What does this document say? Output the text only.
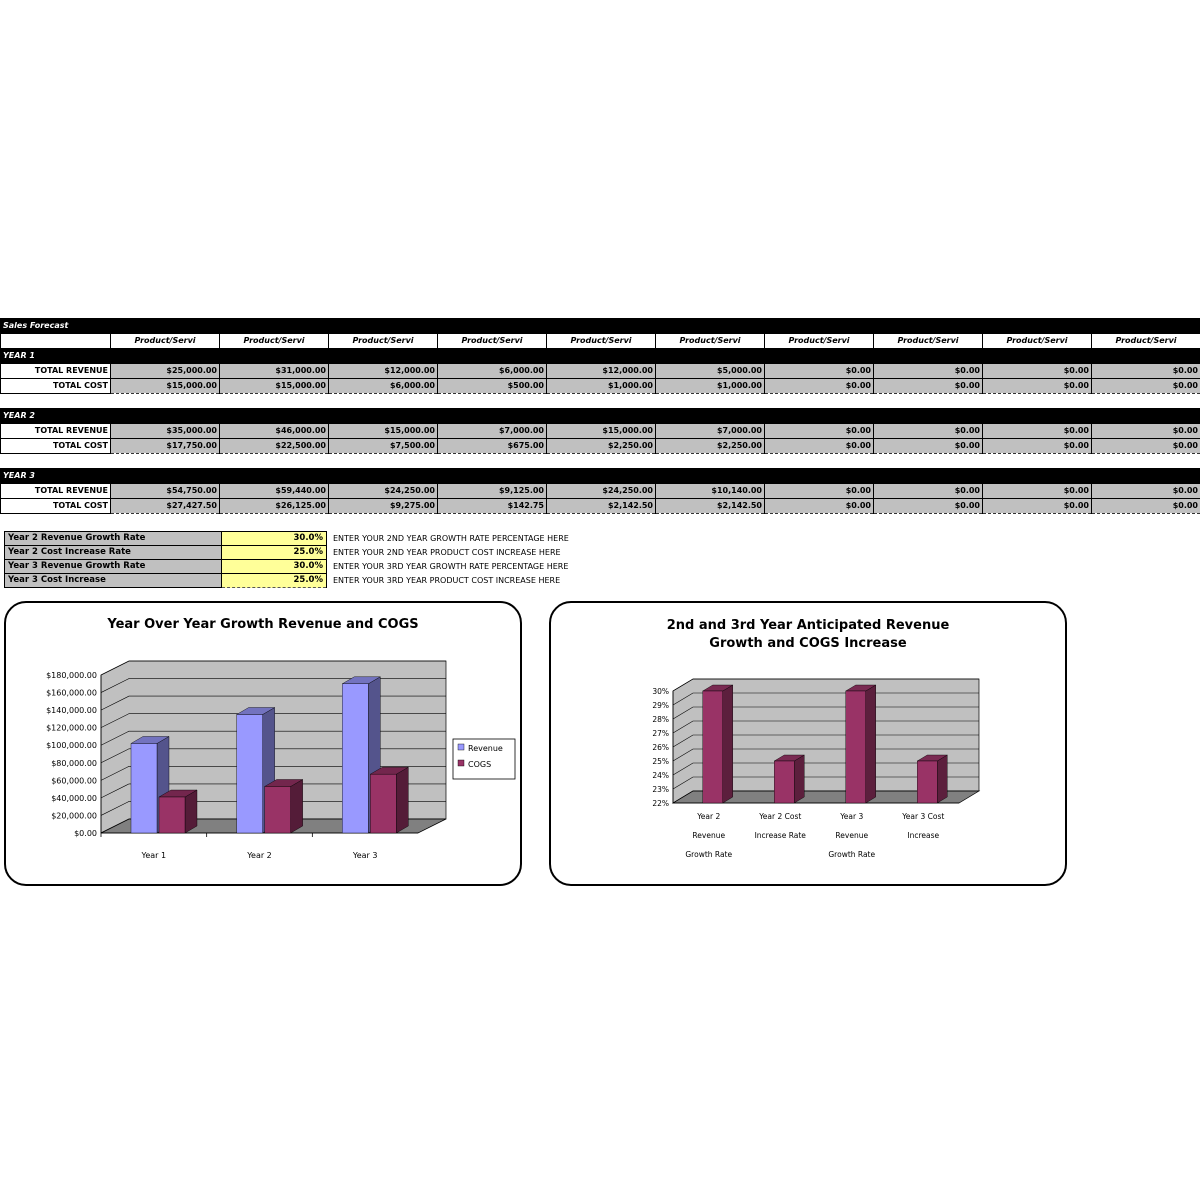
Sales Forecast										
	Product/Servi	Product/Servi	Product/Servi	Product/Servi	Product/Servi	Product/Servi	Product/Servi	Product/Servi	Product/Servi	Product/Servi
YEAR 1										
TOTAL REVENUE	$25,000.00	$31,000.00	$12,000.00	$6,000.00	$12,000.00	$5,000.00	$0.00	$0.00	$0.00	$0.00
TOTAL COST	$15,000.00	$15,000.00	$6,000.00	$500.00	$1,000.00	$1,000.00	$0.00	$0.00	$0.00	$0.00

YEAR 2										
TOTAL REVENUE	$35,000.00	$46,000.00	$15,000.00	$7,000.00	$15,000.00	$7,000.00	$0.00	$0.00	$0.00	$0.00
TOTAL COST	$17,750.00	$22,500.00	$7,500.00	$675.00	$2,250.00	$2,250.00	$0.00	$0.00	$0.00	$0.00

YEAR 3										
TOTAL REVENUE	$54,750.00	$59,440.00	$24,250.00	$9,125.00	$24,250.00	$10,140.00	$0.00	$0.00	$0.00	$0.00
TOTAL COST	$27,427.50	$26,125.00	$9,275.00	$142.75	$2,142.50	$2,142.50	$0.00	$0.00	$0.00	$0.00
Year 2 Revenue Growth Rate	30.0%	ENTER YOUR 2ND YEAR GROWTH RATE PERCENTAGE HERE
Year 2 Cost Increase Rate	25.0%	ENTER YOUR 2ND YEAR PRODUCT COST INCREASE HERE
Year 3 Revenue Growth Rate	30.0%	ENTER YOUR 3RD YEAR GROWTH RATE PERCENTAGE HERE
Year 3 Cost Increase	25.0%	ENTER YOUR 3RD YEAR PRODUCT COST INCREASE HERE
Year Over Year Growth Revenue and COGS
$0.00
$20,000.00
$40,000.00
$60,000.00
$80,000.00
$100,000.00
$120,000.00
$140,000.00
$160,000.00
$180,000.00
Year 1	Year 2	Year 3
Revenue
COGS
2nd and 3rd Year Anticipated Revenue Growth and COGS Increase
22%
23%
24%
25%
26%
27%
28%
29%
30%
Year 2
Revenue
Growth Rate
Year 2 Cost
Increase Rate
Year 3
Revenue
Growth Rate
Year 3 Cost
Increase
